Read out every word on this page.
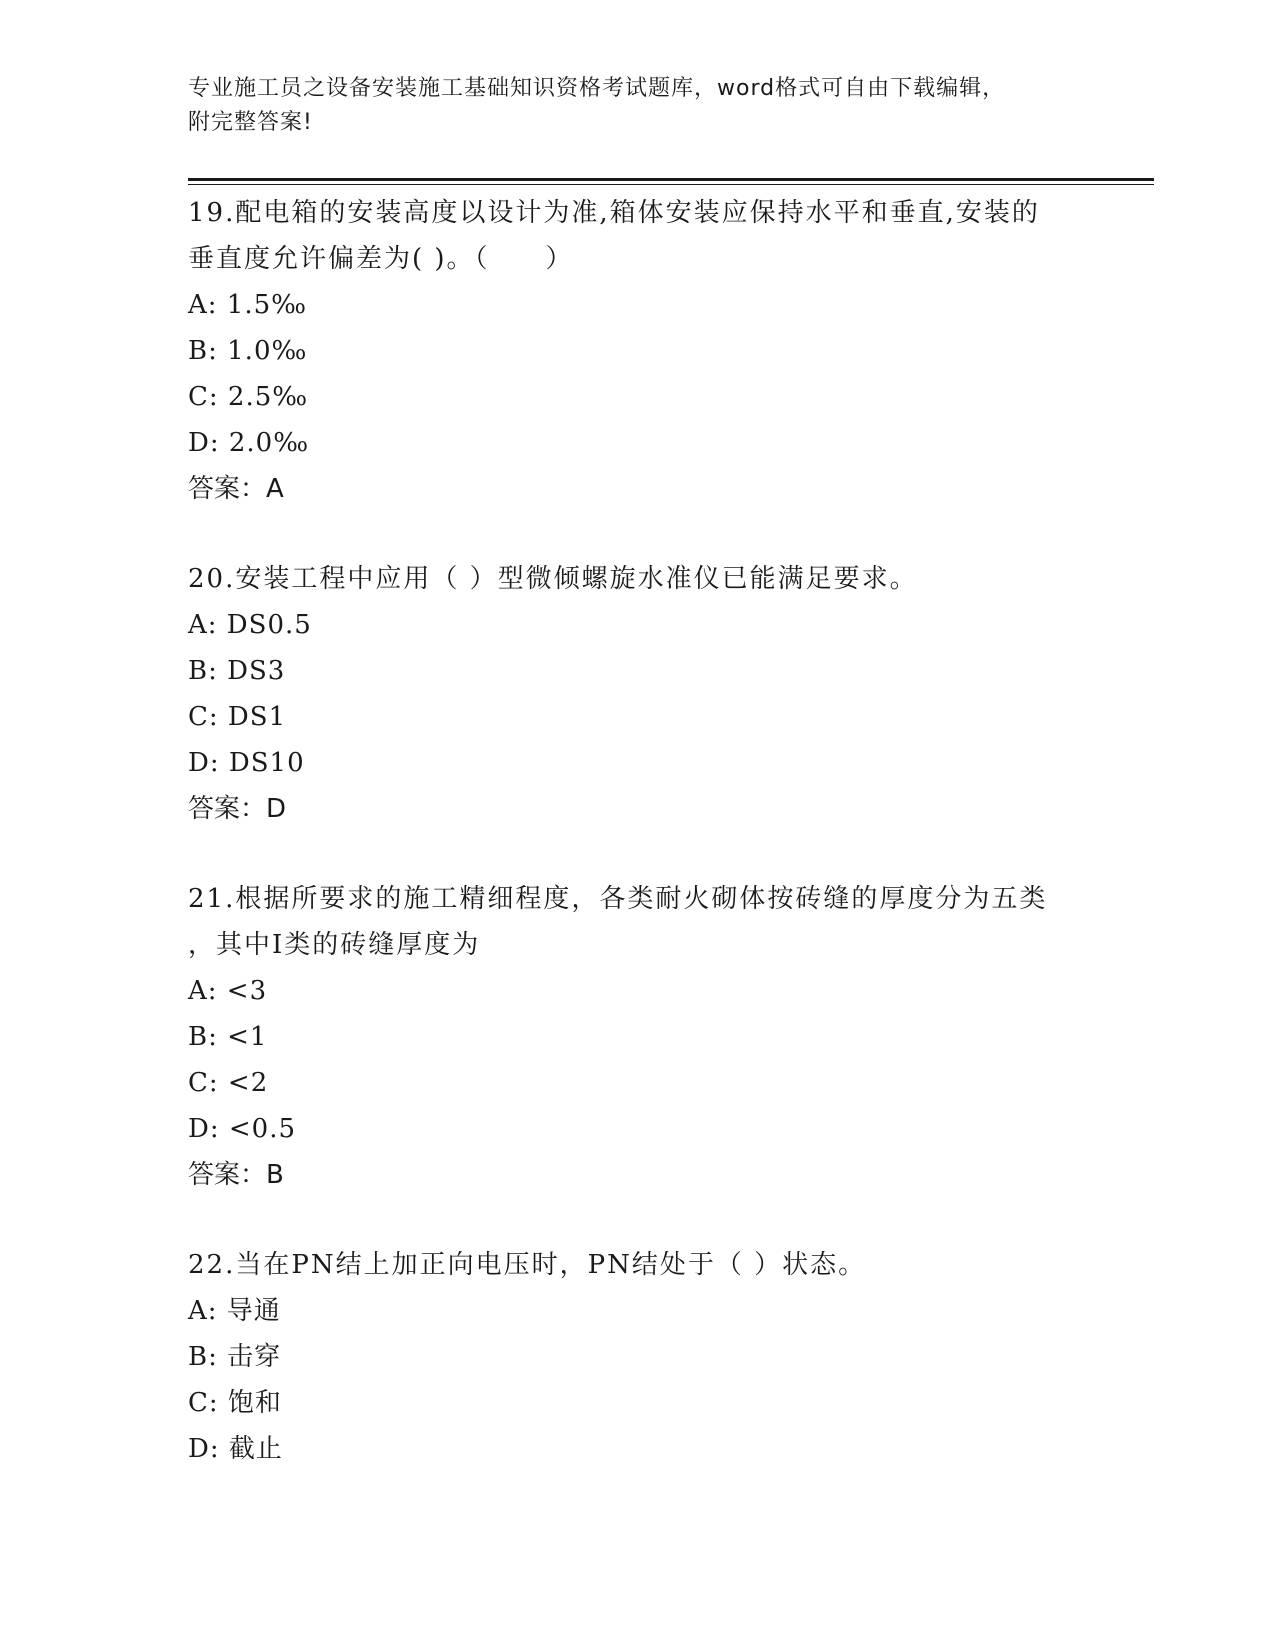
专业施工员之设备安装施工基础知识资格考试题库，word格式可自由下载编辑，
附完整答案!
19.配电箱的安装高度以设计为准,箱体安装应保持水平和垂直,安装的
垂直度允许偏差为( )。（　　）
A: 1.5‰
B: 1.0‰
C: 2.5‰
D: 2.0‰
答案：A
20.安装工程中应用（ ）型微倾螺旋水准仪已能满足要求。
A: DS0.5
B: DS3
C: DS1
D: DS10
答案：D
21.根据所要求的施工精细程度，各类耐火砌体按砖缝的厚度分为五类
，其中Ⅰ类的砖缝厚度为
A: <3
B: <1
C: <2
D: <0.5
答案：B
22.当在PN结上加正向电压时，PN结处于（ ）状态。
A: 导通
B: 击穿
C: 饱和
D: 截止
